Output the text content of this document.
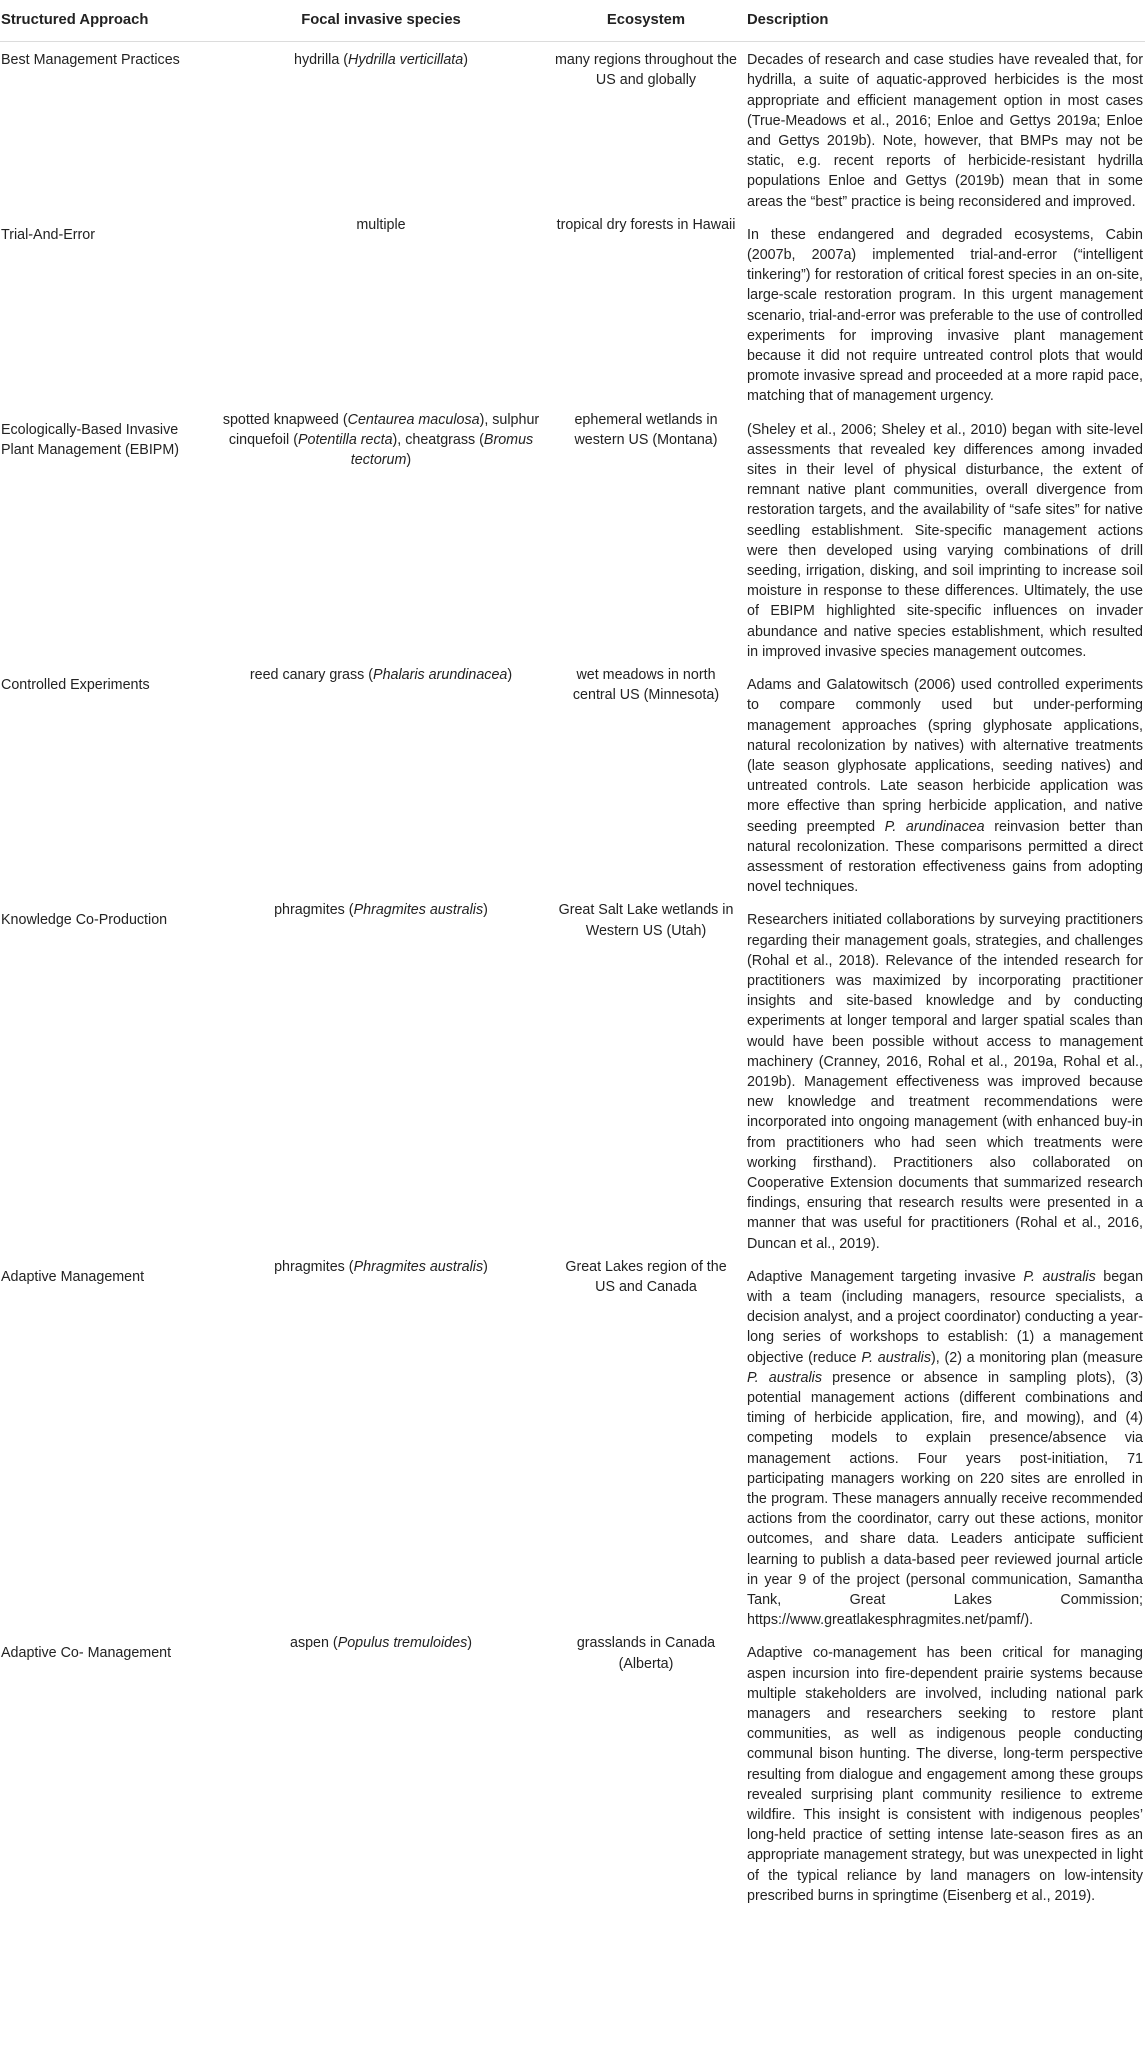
Structured Approach	Focal invasive species	Ecosystem	Description
Best Management Practices	hydrilla (Hydrilla verticillata)	many regions throughout the US and globally	Decades of research and case studies have revealed that, for hydrilla, a suite of aquatic-approved herbicides is the most appropriate and efficient management option in most cases (True-Meadows et al., 2016; Enloe and Gettys 2019a; Enloe and Gettys 2019b). Note, however, that BMPs may not be static, e.g. recent reports of herbicide-resistant hydrilla populations Enloe and Gettys (2019b) mean that in some areas the “best” practice is being reconsidered and improved.
Trial-And-Error	multiple	tropical dry forests in Hawaii	In these endangered and degraded ecosystems, Cabin (2007b, 2007a) implemented trial-and-error (“intelligent tinkering”) for restoration of critical forest species in an on-site, large-scale restoration program. In this urgent management scenario, trial-and-error was preferable to the use of controlled experiments for improving invasive plant management because it did not require untreated control plots that would promote invasive spread and proceeded at a more rapid pace, matching that of management urgency.
Ecologically-Based Invasive Plant Management (EBIPM)	spotted knapweed (Centaurea maculosa), sulphur cinquefoil (Potentilla recta), cheatgrass (Bromus tectorum)	ephemeral wetlands in western US (Montana)	(Sheley et al., 2006; Sheley et al., 2010) began with site-level assessments that revealed key differences among invaded sites in their level of physical disturbance, the extent of remnant native plant communities, overall divergence from restoration targets, and the availability of “safe sites” for native seedling establishment. Site-specific management actions were then developed using varying combinations of drill seeding, irrigation, disking, and soil imprinting to increase soil moisture in response to these differences. Ultimately, the use of EBIPM highlighted site-specific influences on invader abundance and native species establishment, which resulted in improved invasive species management outcomes.
Controlled Experiments	reed canary grass (Phalaris arundinacea)	wet meadows in north central US (Minnesota)	Adams and Galatowitsch (2006) used controlled experiments to compare commonly used but under-performing management approaches (spring glyphosate applications, natural recolonization by natives) with alternative treatments (late season glyphosate applications, seeding natives) and untreated controls. Late season herbicide application was more effective than spring herbicide application, and native seeding preempted P. arundinacea reinvasion better than natural recolonization. These comparisons permitted a direct assessment of restoration effectiveness gains from adopting novel techniques.
Knowledge Co-Production	phragmites (Phragmites australis)	Great Salt Lake wetlands in Western US (Utah)	Researchers initiated collaborations by surveying practitioners regarding their management goals, strategies, and challenges (Rohal et al., 2018). Relevance of the intended research for practitioners was maximized by incorporating practitioner insights and site-based knowledge and by conducting experiments at longer temporal and larger spatial scales than would have been possible without access to management machinery (Cranney, 2016, Rohal et al., 2019a, Rohal et al., 2019b). Management effectiveness was improved because new knowledge and treatment recommendations were incorporated into ongoing management (with enhanced buy-in from practitioners who had seen which treatments were working firsthand). Practitioners also collaborated on Cooperative Extension documents that summarized research findings, ensuring that research results were presented in a manner that was useful for practitioners (Rohal et al., 2016, Duncan et al., 2019).
Adaptive Management	phragmites (Phragmites australis)	Great Lakes region of the US and Canada	Adaptive Management targeting invasive P. australis began with a team (including managers, resource specialists, a decision analyst, and a project coordinator) conducting a year-long series of workshops to establish: (1) a management objective (reduce P. australis), (2) a monitoring plan (measure P. australis presence or absence in sampling plots), (3) potential management actions (different combinations and timing of herbicide application, fire, and mowing), and (4) competing models to explain presence/absence via management actions. Four years post-initiation, 71 participating managers working on 220 sites are enrolled in the program. These managers annually receive recommended actions from the coordinator, carry out these actions, monitor outcomes, and share data. Leaders anticipate sufficient learning to publish a data-based peer reviewed journal article in year 9 of the project (personal communication, Samantha Tank, Great Lakes Commission; https://www.greatlakesphragmites.net/pamf/).
Adaptive Co- Management	aspen (Populus tremuloides)	grasslands in Canada (Alberta)	Adaptive co-management has been critical for managing aspen incursion into fire-dependent prairie systems because multiple stakeholders are involved, including national park managers and researchers seeking to restore plant communities, as well as indigenous people conducting communal bison hunting. The diverse, long-term perspective resulting from dialogue and engagement among these groups revealed surprising plant community resilience to extreme wildfire. This insight is consistent with indigenous peoples’ long-held practice of setting intense late-season fires as an appropriate management strategy, but was unexpected in light of the typical reliance by land managers on low-intensity prescribed burns in springtime (Eisenberg et al., 2019).
